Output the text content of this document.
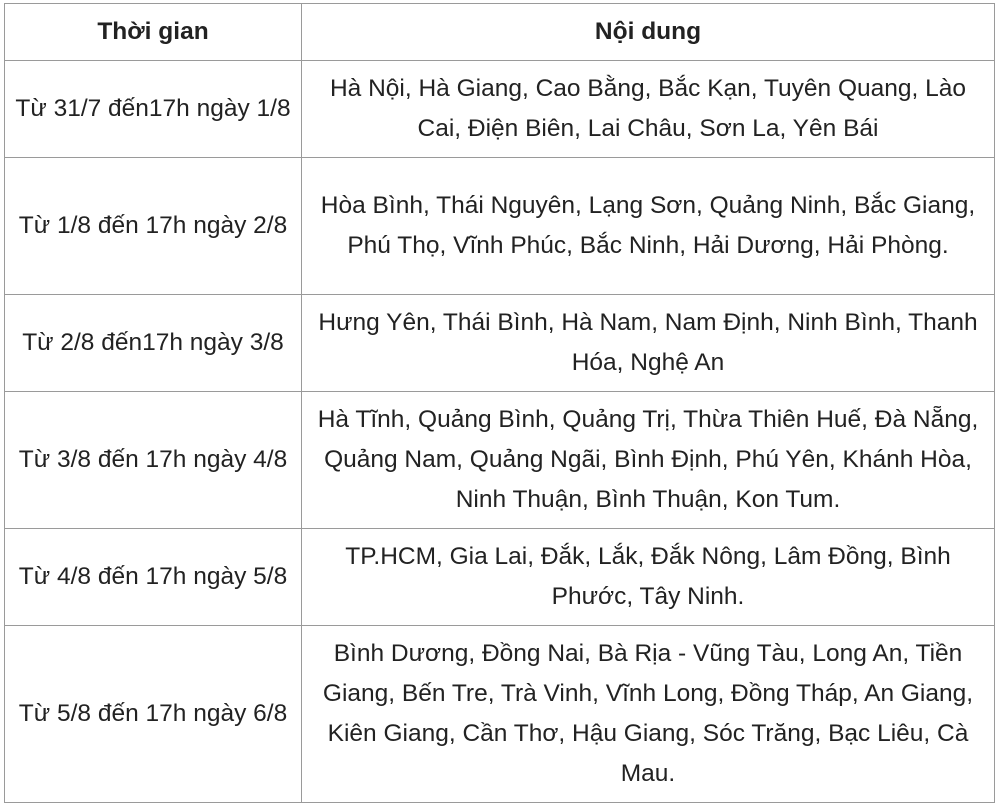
Thời gian	Nội dung
Từ 31/7 đến17h ngày 1/8	Hà Nội, Hà Giang, Cao Bằng, Bắc Kạn, Tuyên Quang, Lào Cai, Điện Biên, Lai Châu, Sơn La, Yên Bái
Từ 1/8 đến 17h ngày 2/8	Hòa Bình, Thái Nguyên, Lạng Sơn, Quảng Ninh, Bắc Giang, Phú Thọ, Vĩnh Phúc, Bắc Ninh, Hải Dương, Hải Phòng.
Từ 2/8 đến17h ngày 3/8	Hưng Yên, Thái Bình, Hà Nam, Nam Định, Ninh Bình, Thanh Hóa, Nghệ An
Từ 3/8 đến 17h ngày 4/8	Hà Tĩnh, Quảng Bình, Quảng Trị, Thừa Thiên Huế, Đà Nẵng, Quảng Nam, Quảng Ngãi, Bình Định, Phú Yên, Khánh Hòa, Ninh Thuận, Bình Thuận, Kon Tum.
Từ 4/8 đến 17h ngày 5/8	TP.HCM, Gia Lai, Đắk, Lắk, Đắk Nông, Lâm Đồng, Bình Phước, Tây Ninh.
Từ 5/8 đến 17h ngày 6/8	Bình Dương, Đồng Nai, Bà Rịa - Vũng Tàu, Long An, Tiền Giang, Bến Tre, Trà Vinh, Vĩnh Long, Đồng Tháp, An Giang, Kiên Giang, Cần Thơ, Hậu Giang, Sóc Trăng, Bạc Liêu, Cà Mau.
